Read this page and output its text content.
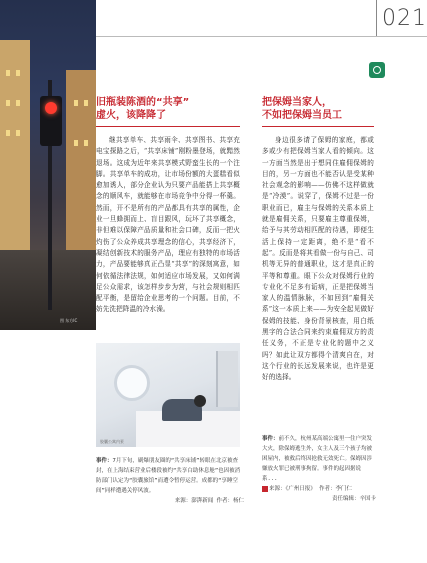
图 东方IC
021
旧瓶装陈酒的“共享”
虚火，该降降了

继共享单车、共享雨伞、共享图书、共享充电宝探路之后，“共享床铺”刚粉墨登场，就黯然退场。这成为近年来共享模式野蛮生长的一个注脚。共享单车的成功，让市场份额的大蛋糕看似愈加诱人，部分企业认为只要产品能搭上共享概念的顺风车，就能够在市场竞争中分得一杯羹。然而，开不是所有的产品都具有共享的属性，企业一旦蜂拥而上、盲目跟风，玩坏了共享概念，非但难以保障产品质量和社会口碑，反而一把火灼伤了公众养成共享理念的信心，共享经济下，凝结创新技术的服务产品，理应有独特的市场活力，产品要能够真正凸显“共享”的深刻寓意，如何依循法律法规，如何适应市场发展，又如何满足公众需求，该怎样步步为营，与社会规则相匹配平衡，是留给企业思考的一个问题。目前，不妨先洗把降温的冷水澡。

胶囊公寓内景

事件：7月下旬，刷爆朋友圈的“共享床铺”转眼在北京被查封，在上海结束营业后楼段被约“共享白助休息舱”也因被消防部门认定为“胶囊旅馆”而遭令暂停运营。成都的“享睡空间”同样遭遇关停风波。

来源：澎湃新闻 作者：杨仁

把保姆当家人，
不如把保姆当员工

身边很多请了保姆的家庭，都或多或少有把保姆当家人看的倾向。这一方面当然是出于想同住雇佣保姆的目的，另一方面也不能否认是受某种社会观念的影响——仿佛不这样做就是“冷漠”。说穿了，保姆不过是一份职业而已，雇主与保姆的关系本质上就是雇佣关系，只要雇主尊重保姆，给予与其劳动相匹配的待遇，即便生活上保持一定距离，绝不是“看不起”。反而是将其看做一份与自己、司机等无异的普通职业，这才是真正的平等和尊重。眼下公众对保姆行业的专业化不足多有诟病，正是把保姆当家人的温情脉脉，不如回到“雇佣关系”这一本质上来——为安全起见做好保姆的技能、身份背景核查，用白纸黑字的合法合同来约束雇佣双方的责任义务，不正是专业化的题中之义吗？如此让双方都得个清爽自在，对这个行业的长远发展来说，也许是更好的选择。

事件：前不久，杭州某高端公寓里一住户突发大火，除保姆逃生外，女主人及三个孩子均被困屋内，被救后终因抢救无效死亡。保姆因涉嫌放火罪已被刑事拘留。事件的起因据说系...

来源：《广州日报》 作者：李门仁

责任编辑：辛国卡
